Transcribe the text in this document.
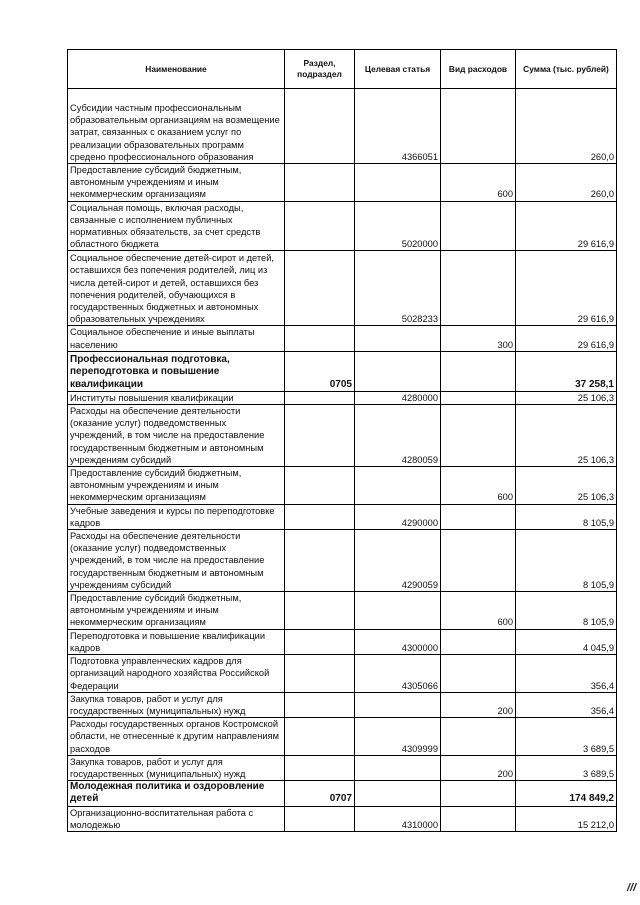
Наименование	Раздел, подраздел	Целевая статья	Вид расходов	Сумма (тыс. рублей)
Субсидии частным профессиональным образовательным организациям на возмещение затрат, связанных с оказанием услуг по реализации образовательных программ средено профессионального образования		4366051		260,0
Предоставление субсидий бюджетным, автономным учреждениям и иным некоммерческим организациям			600	260,0
Социальная помощь, включая расходы, связанные с исполнением публичных нормативных обязательств, за счет средств областного бюджета		5020000		29 616,9
Социальное обеспечение детей-сирот и детей, оставшихся без попечения родителей, лиц из числа детей-сирот и детей, оставшихся без попечения родителей, обучающихся в государственных бюджетных и автономных образовательных учреждениях		5028233		29 616,9
Социальное обеспечение и иные выплаты населению			300	29 616,9
Профессиональная подготовка, переподготовка и повышение квалификации	0705			37 258,1
Институты повышения квалификации		4280000		25 106,3
Расходы на обеспечение деятельности (оказание услуг) подведомственных учреждений, в том числе на предоставление государственным бюджетным и автономным учреждениям субсидий		4280059		25 106,3
Предоставление субсидий бюджетным, автономным учреждениям и иным некоммерческим организациям			600	25 106,3
Учебные заведения и курсы по переподготовке кадров		4290000		8 105,9
Расходы на обеспечение деятельности (оказание услуг) подведомственных учреждений, в том числе на предоставление государственным бюджетным и автономным учреждениям субсидий		4290059		8 105,9
Предоставление субсидий бюджетным, автономным учреждениям и иным некоммерческим организациям			600	8 105,9
Переподготовка и повышение квалификации кадров		4300000		4 045,9
Подготовка управленческих кадров для организаций народного хозяйства Российской Федерации		4305066		356,4
Закупка товаров, работ и услуг для государственных (муниципальных) нужд			200	356,4
Расходы государственных органов Костромской области, не отнесенные к другим направлениям расходов		4309999		3 689,5
Закупка товаров, работ и услуг для государственных (муниципальных) нужд			200	3 689,5
Молодежная политика и оздоровление детей	0707			174 849,2
Организационно-воспитательная работа с молодежью		4310000		15 212,0
///
